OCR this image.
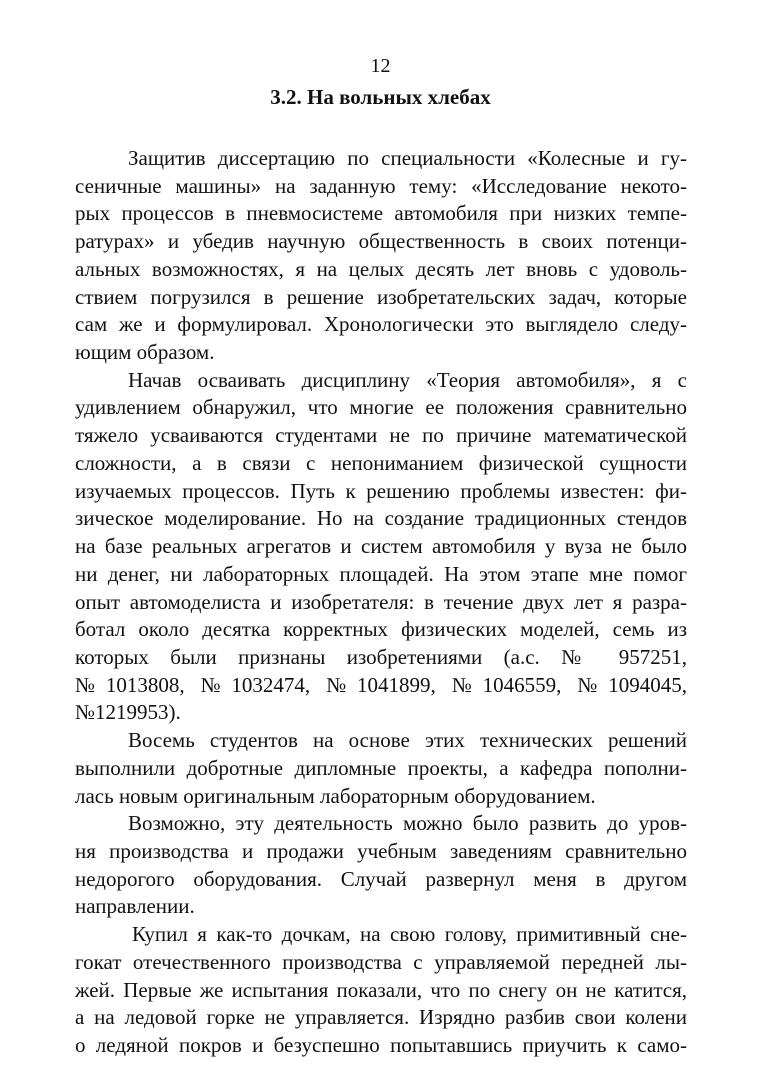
12
3.2. На вольных хлебах
Защитив диссертацию по специальности «Колесные и гу-
сеничные машины» на заданную тему: «Исследование некото-
рых процессов в пневмосистеме автомобиля при низких темпе-
ратурах» и убедив научную общественность в своих потенци-
альных возможностях, я на целых десять лет вновь с удоволь-
ствием погрузился в решение изобретательских задач, которые
сам же и формулировал. Хронологически это выглядело следу-
ющим образом.
Начав осваивать дисциплину «Теория автомобиля», я с
удивлением обнаружил, что многие ее положения сравнительно
тяжело усваиваются студентами не по причине математической
сложности, а в связи с непониманием физической сущности
изучаемых процессов. Путь к решению проблемы известен: фи-
зическое моделирование. Но на создание традиционных стендов
на базе реальных агрегатов и систем автомобиля у вуза не было
ни денег, ни лабораторных площадей. На этом этапе мне помог
опыт автомоделиста и изобретателя: в течение двух лет я разра-
ботал около десятка корректных физических моделей, семь из
которых были признаны изобретениями (а.с. № 957251,
№1013808, №1032474, №1041899, №1046559, №1094045,
№1219953).
Восемь студентов на основе этих технических решений
выполнили добротные дипломные проекты, а кафедра пополни-
лась новым оригинальным лабораторным оборудованием.
Возможно, эту деятельность можно было развить до уров-
ня производства и продажи учебным заведениям сравнительно
недорогого оборудования. Случай развернул меня в другом
направлении.
Купил я как-то дочкам, на свою голову, примитивный сне-
гокат отечественного производства с управляемой передней лы-
жей. Первые же испытания показали, что по снегу он не катится,
а на ледовой горке не управляется. Изрядно разбив свои колени
о ледяной покров и безуспешно попытавшись приучить к само-
